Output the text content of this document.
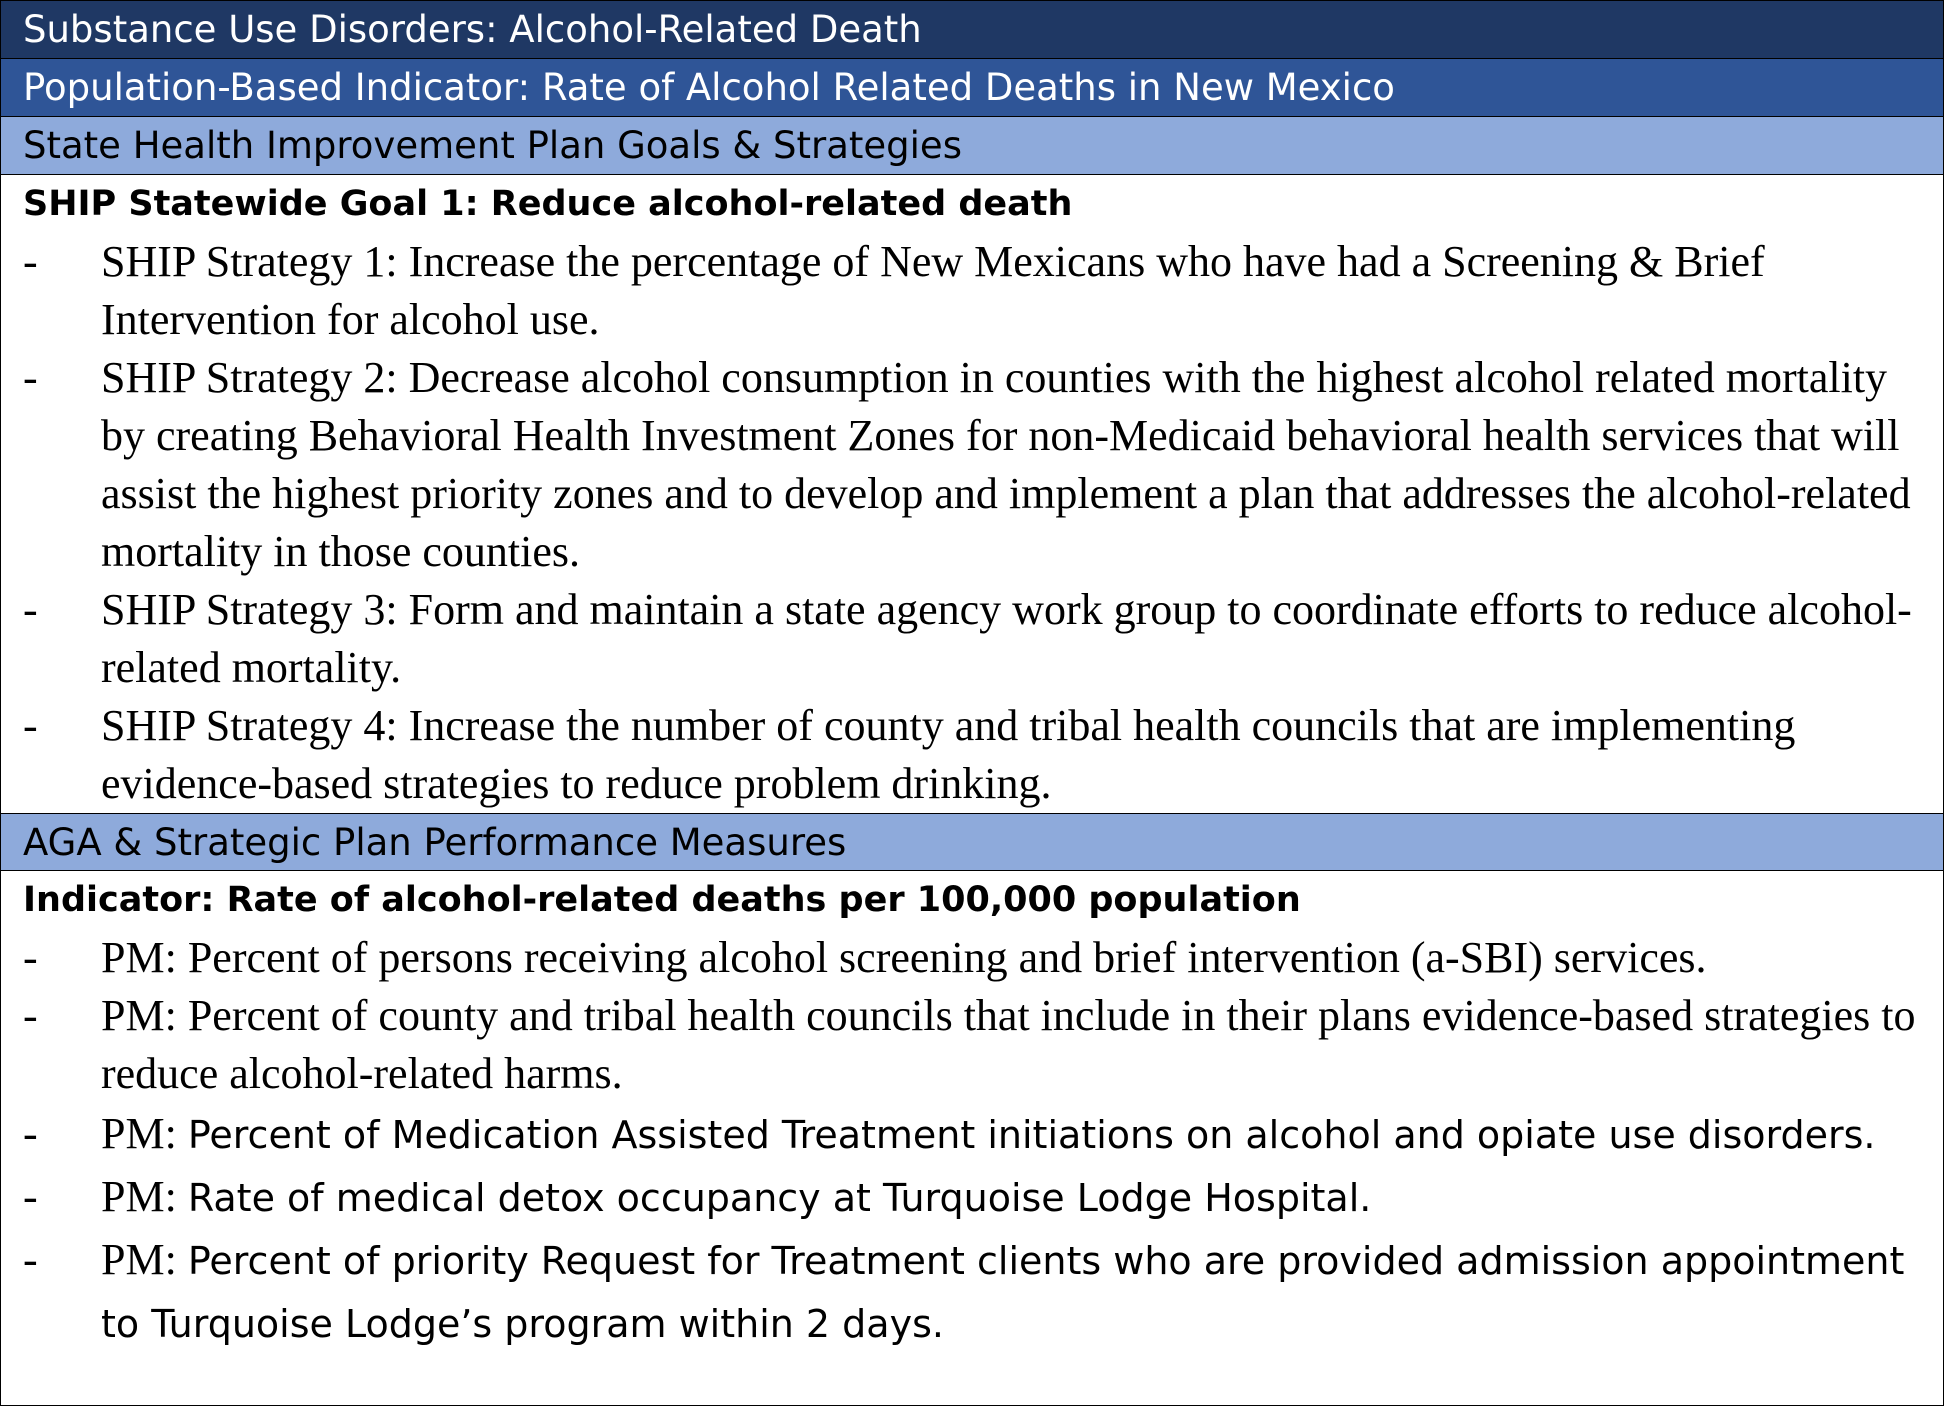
Substance Use Disorders: Alcohol-Related Death
Population-Based Indicator: Rate of Alcohol Related Deaths in New Mexico
State Health Improvement Plan Goals & Strategies
SHIP Statewide Goal 1: Reduce alcohol-related death
- SHIP Strategy 1: Increase the percentage of New Mexicans who have had a Screening & Brief Intervention for alcohol use.
- SHIP Strategy 2: Decrease alcohol consumption in counties with the highest alcohol related mortality by creating Behavioral Health Investment Zones for non-Medicaid behavioral health services that will assist the highest priority zones and to develop and implement a plan that addresses the alcohol-related mortality in those counties.
- SHIP Strategy 3: Form and maintain a state agency work group to coordinate efforts to reduce alcohol-related mortality.
- SHIP Strategy 4: Increase the number of county and tribal health councils that are implementing evidence-based strategies to reduce problem drinking.
AGA & Strategic Plan Performance Measures
Indicator: Rate of alcohol-related deaths per 100,000 population
- PM: Percent of persons receiving alcohol screening and brief intervention (a-SBI) services.
- PM: Percent of county and tribal health councils that include in their plans evidence-based strategies to reduce alcohol-related harms.
- PM: Percent of Medication Assisted Treatment initiations on alcohol and opiate use disorders.
- PM: Rate of medical detox occupancy at Turquoise Lodge Hospital.
- PM: Percent of priority Request for Treatment clients who are provided admission appointment to Turquoise Lodge’s program within 2 days.
